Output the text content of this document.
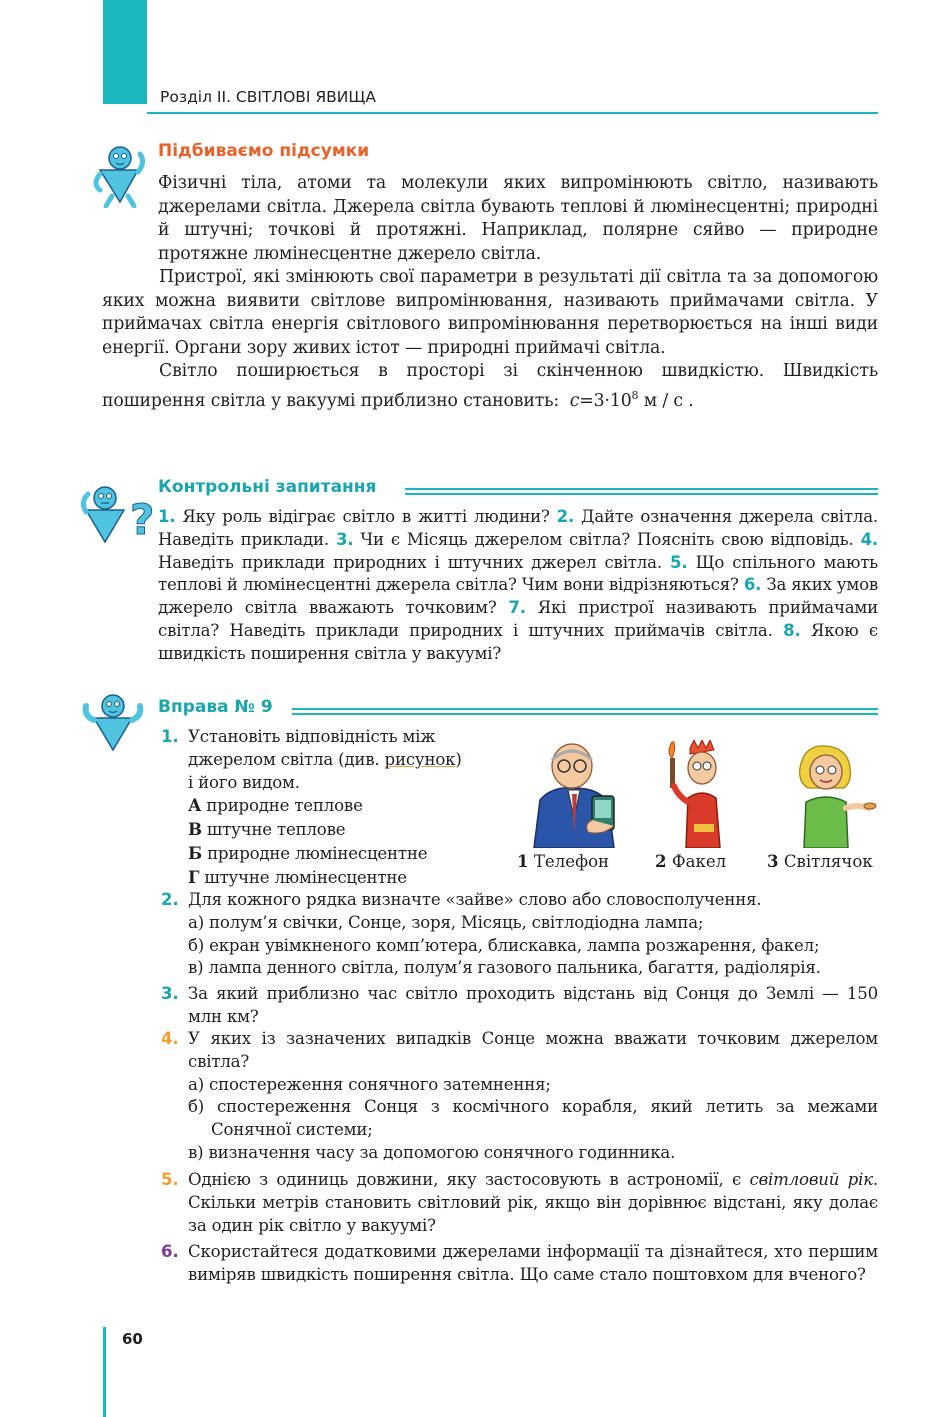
Розділ ІІ. СВІТЛОВІ ЯВИЩА
Підбиваємо підсумки
Фізичні тіла, атоми та молекули яких випромінюють світло, називають джерелами світла. Джерела світла бувають теплові й люмінесцентні; природні й штучні; точкові й протяжні. Наприклад, полярне сяйво — природне протяжне люмінесцентне джерело світла.
Пристрої, які змінюють свої параметри в результаті дії світла та за допомогою яких можна виявити світлове випромінювання, називають приймачами світла. У приймачах світла енергія світлового випромінювання перетворюється на інші види енергії. Органи зору живих істот — природні приймачі світла.
Світло поширюється в просторі зі скінченною швидкістю. Швидкість поширення світла у вакуумі приблизно становить: $c=3\cdot 10^8$ м / с .
?
Контрольні запитання
1. Яку роль відіграє світло в житті людини? 2. Дайте означення джерела світла. Наведіть приклади. 3. Чи є Місяць джерелом світла? Поясніть свою відповідь. 4. Наведіть приклади природних і штучних джерел світла. 5. Що спільного мають теплові й люмінесцентні джерела світла? Чим вони відрізняються? 6. За яких умов джерело світла вважають точковим? 7. Які пристрої називають приймачами світла? Наведіть приклади природних і штучних приймачів світла. 8. Якою є швидкість поширення світла у вакуумі?
Вправа № 9
1. Установіть відповідність між
джерелом світла (див. рисунок)
і його видом.
А природне теплове
В штучне теплове
Б природне люмінесцентне
Г штучне люмінесцентне
1 Телефон	2 Факел 3 Світлячок
2. Для кожного рядка визначте «зайве» слово або словосполучення.
а) полум’я свічки, Сонце, зоря, Місяць, світлодіодна лампа;
б) екран увімкненого комп’ютера, блискавка, лампа розжарення, факел;
в) лампа денного світла, полум’я газового пальника, багаття, радіолярія.
3. За який приблизно час світло проходить відстань від Сонця до Землі — 150 млн км?
4. У яких із зазначених випадків Сонце можна вважати точковим джерелом світла?
а) спостереження сонячного затемнення;
б) спостереження Сонця з космічного корабля, який летить за межами Сонячної системи;
в) визначення часу за допомогою сонячного годинника.
5. Однією з одиниць довжини, яку застосовують в астрономії, є світловий рік. Скільки метрів становить світловий рік, якщо він дорівнює відстані, яку долає за один рік світло у вакуумі?
6. Скористайтеся додатковими джерелами інформації та дізнайтеся, хто першим виміряв швидкість поширення світла. Що саме стало поштовхом для вченого?
60
